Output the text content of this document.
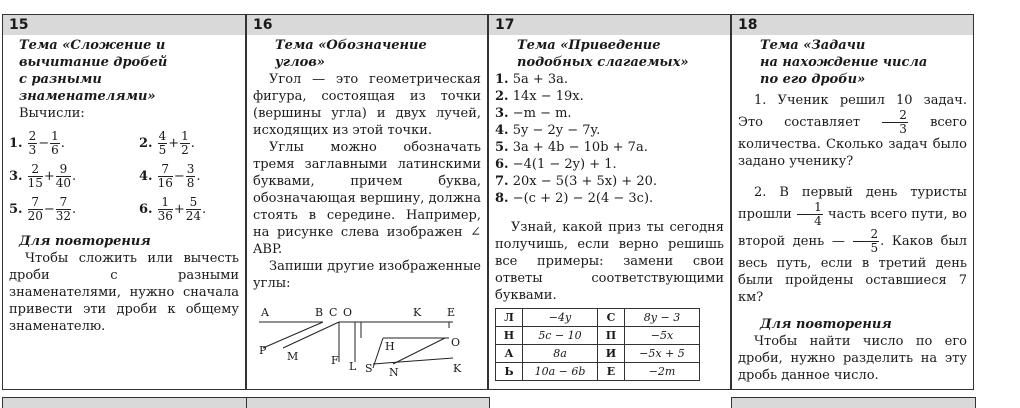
15
Тема «Сложение и
вычитание дробей
с разными
знаменателями»
Вычисли:
1. $\frac{2}{3} - \frac{1}{6}$ .	2. $\frac{4}{5} + \frac{1}{2}$ .
3. $\frac{2}{15} + \frac{9}{40}$ .	4. $\frac{7}{16} - \frac{3}{8}$ .
5. $\frac{7}{20} - \frac{7}{32}$ .	6. $\frac{1}{36} + \frac{5}{24}$ .
Для повторения

Чтобы сложить или вычесть дроби с разными знаменателями, нужно сначала привести эти дроби к общему знаменателю.

16
Тема «Обозначение
углов»

Угол — это геометрическая фигура, состоящая из точки (вершины угла) и двух лучей, исходящих из этой точки.

Углы можно обозначать тремя заглавными латинскими буквами, причем буква, обозначающая вершину, должна стоять в середине. Например, на рисунке слева изображен ∠ ABP.

Запиши другие изображенные углы:

A	B C O	K E
P M	F L S
H	O
N	K
17
Тема «Приведение
подобных слагаемых»
1. 5a + 3a.
2. 14x − 19x.
3. −m − m.
4. 5y − 2y − 7y.
5. 3a + 4b − 10b + 7a.
6. −4(1 − 2y) + 1.
7. 20x − 5(3 + 5x) + 20.
8. −(c + 2) − 2(4 − 3c).

Узнай, какой приз ты сегодня получишь, если верно решишь все примеры: замени свои ответы соответствующими буквами.

Л	−4y	С	8y − 3
Н	5c − 10	П	−5x
А	8a	И	−5x + 5
Ь	10a − 6b	Е	−2m
18
Тема «Задачи
на нахождение числа
по его дроби»

1. Ученик решил 10 задач. Это составляет $\frac{2}{3}$ всего количества. Сколько задач было задано ученику?

2. В первый день туристы прошли $\frac{1}{4}$ часть всего пути, во второй день — $\frac{2}{5}$ . Каков был весь путь, если в третий день были пройдены оставшиеся 7 км?

Для повторения

Чтобы найти число по его дроби, нужно разделить на эту дробь данное число.
